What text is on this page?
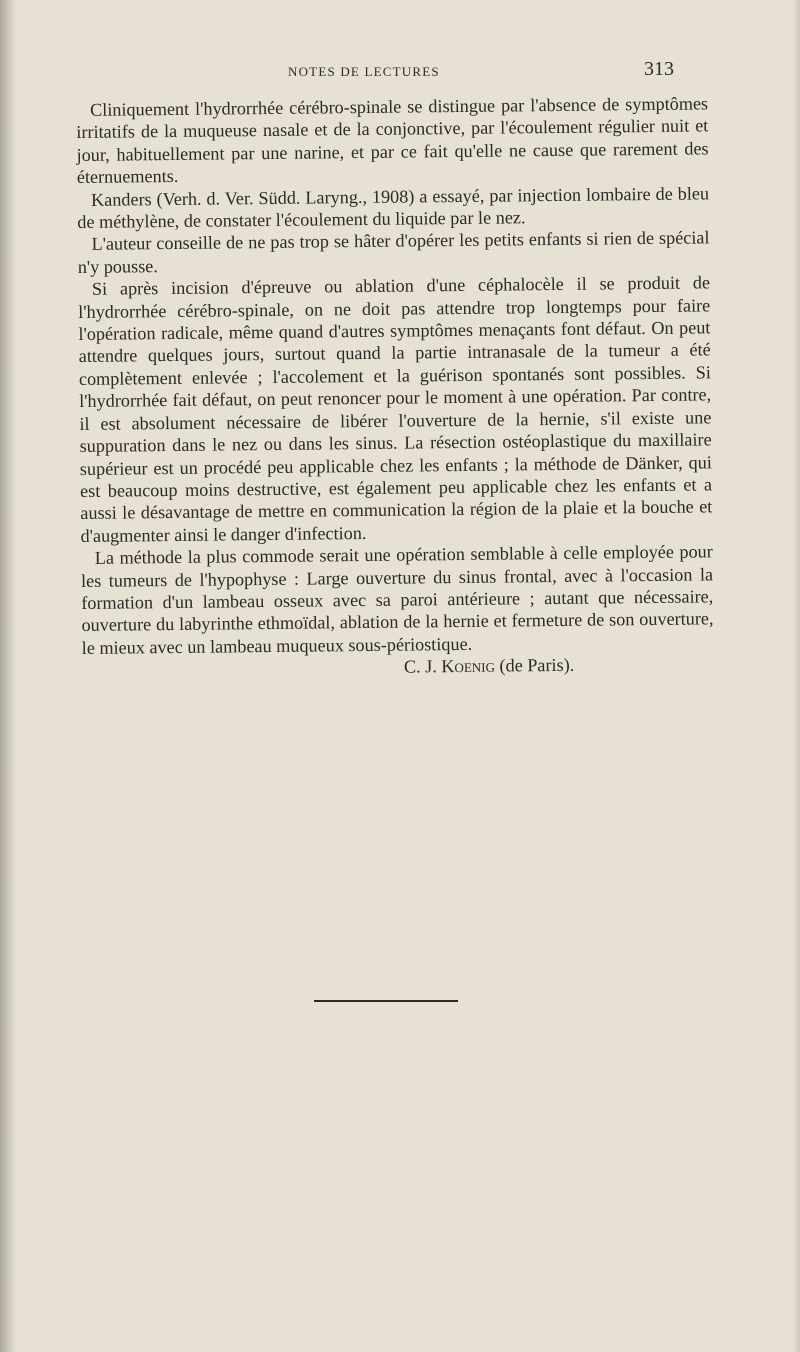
NOTES DE LECTURES	313

Cliniquement l'hydrorrhée cérébro-spinale se distingue par l'absence de symptômes irritatifs de la muqueuse nasale et de la conjonctive, par l'écoulement régulier nuit et jour, habituellement par une narine, et par ce fait qu'elle ne cause que rarement des éternuements.

Kanders (Verh. d. Ver. Südd. Laryng., 1908) a essayé, par injection lombaire de bleu de méthylène, de constater l'écoulement du liquide par le nez.

L'auteur conseille de ne pas trop se hâter d'opérer les petits enfants si rien de spécial n'y pousse.

Si après incision d'épreuve ou ablation d'une céphalocèle il se produit de l'hydrorrhée cérébro-spinale, on ne doit pas attendre trop longtemps pour faire l'opération radicale, même quand d'autres symptômes menaçants font défaut. On peut attendre quelques jours, surtout quand la partie intranasale de la tumeur a été complètement enlevée ; l'accolement et la guérison spontanés sont possibles. Si l'hydrorrhée fait défaut, on peut renoncer pour le moment à une opération. Par contre, il est absolument nécessaire de libérer l'ouverture de la hernie, s'il existe une suppuration dans le nez ou dans les sinus. La résection ostéoplastique du maxillaire supérieur est un procédé peu applicable chez les enfants ; la méthode de Dänker, qui est beaucoup moins destructive, est également peu applicable chez les enfants et a aussi le désavantage de mettre en communication la région de la plaie et la bouche et d'augmenter ainsi le danger d'infection.

La méthode la plus commode serait une opération semblable à celle employée pour les tumeurs de l'hypophyse : Large ouverture du sinus frontal, avec à l'occasion la formation d'un lambeau osseux avec sa paroi antérieure ; autant que nécessaire, ouverture du labyrinthe ethmoïdal, ablation de la hernie et fermeture de son ouverture, le mieux avec un lambeau muqueux sous-périostique.

C. J. Koenig (de Paris).
